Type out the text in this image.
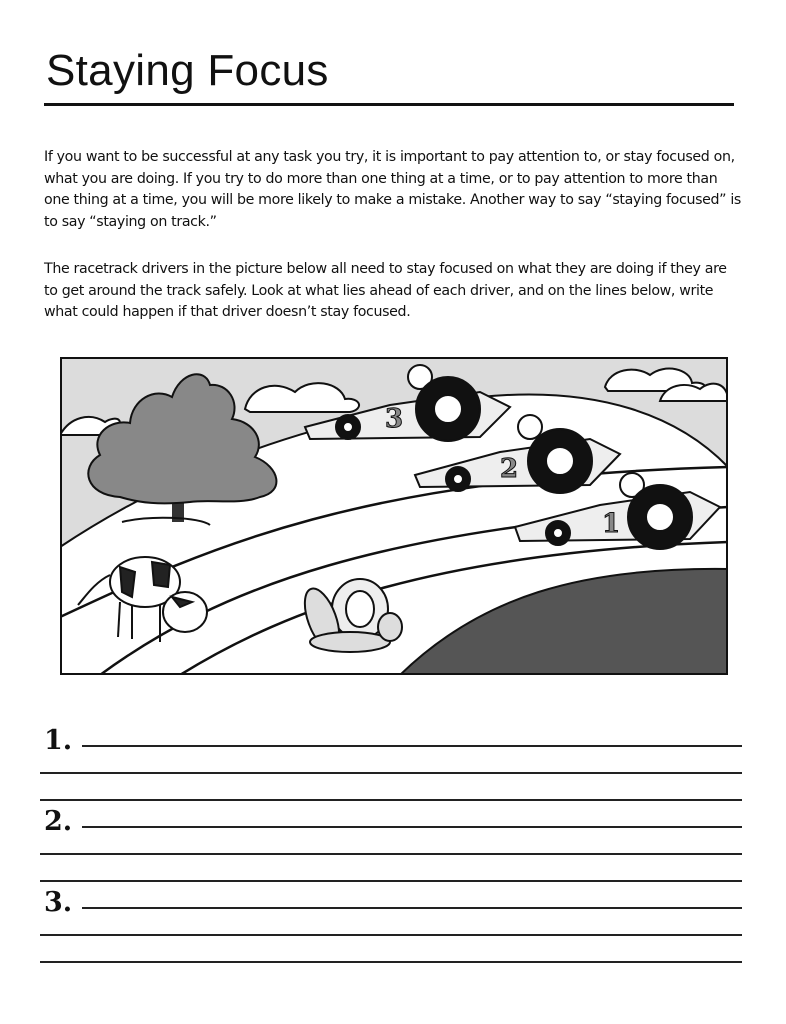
Staying Focus

If you want to be successful at any task you try, it is important to pay attention to, or stay focused on, what you are doing. If you try to do more than one thing at a time, or to pay attention to more than one thing at a time, you will be more likely to make a mistake. Another way to say “staying focused” is to say “staying on track.”

The racetrack drivers in the picture below all need to stay focused on what they are doing if they are to get around the track safely. Look at what lies ahead of each driver, and on the lines below, write what could happen if that driver doesn’t stay focused.

3
2
1
1.
2.
3.
